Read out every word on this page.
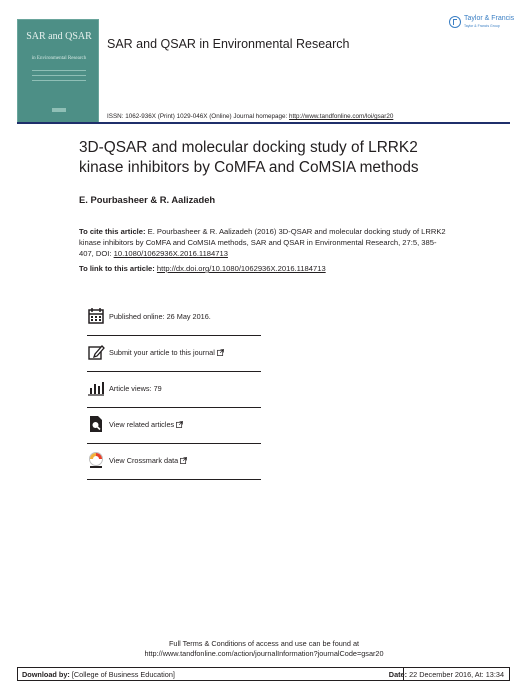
SAR and QSAR
in Environmental Research
SAR and QSAR in Environmental Research
Taylor & Francis
Taylor & Francis Group
ISSN: 1062-936X (Print) 1029-046X (Online) Journal homepage: http://www.tandfonline.com/loi/gsar20
3D-QSAR and molecular docking study of LRRK2 kinase inhibitors by CoMFA and CoMSIA methods
E. Pourbasheer & R. Aalizadeh
To cite this article: E. Pourbasheer & R. Aalizadeh (2016) 3D-QSAR and molecular docking study of LRRK2 kinase inhibitors by CoMFA and CoMSIA methods, SAR and QSAR in Environmental Research, 27:5, 385-407, DOI: 10.1080/1062936X.2016.1184713
To link to this article: http://dx.doi.org/10.1080/1062936X.2016.1184713
Published online: 26 May 2016.
Submit your article to this journal
Article views: 79
View related articles
View Crossmark data
Full Terms & Conditions of access and use can be found at
http://www.tandfonline.com/action/journalInformation?journalCode=gsar20
Download by: [College of Business Education]	Date: 22 December 2016, At: 13:34
